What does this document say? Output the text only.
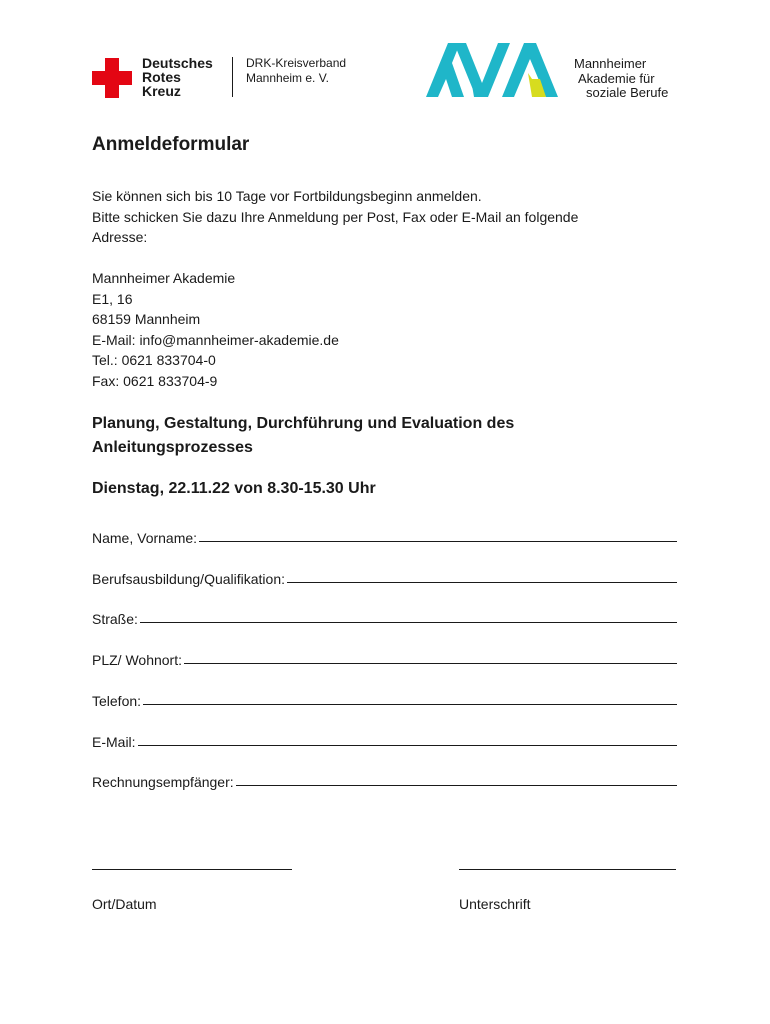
Deutsches
Rotes
Kreuz
DRK-Kreisverband
Mannheim e. V.
Mannheimer
Akademie für
soziale Berufe
Anmeldeformular
Sie können sich bis 10 Tage vor Fortbildungsbeginn anmelden.
Bitte schicken Sie dazu Ihre Anmeldung per Post, Fax oder E-Mail an folgende
Adresse:
Mannheimer Akademie
E1, 16
68159 Mannheim
E-Mail: info@mannheimer-akademie.de
Tel.: 0621 833704-0
Fax: 0621 833704-9
Planung, Gestaltung, Durchführung und Evaluation des
Anleitungsprozesses
Dienstag, 22.11.22 von 8.30-15.30 Uhr
Name, Vorname:
Berufsausbildung/Qualifikation:
Straße:
PLZ/ Wohnort:
Telefon:
E-Mail:
Rechnungsempfänger:
Ort/Datum	Unterschrift
